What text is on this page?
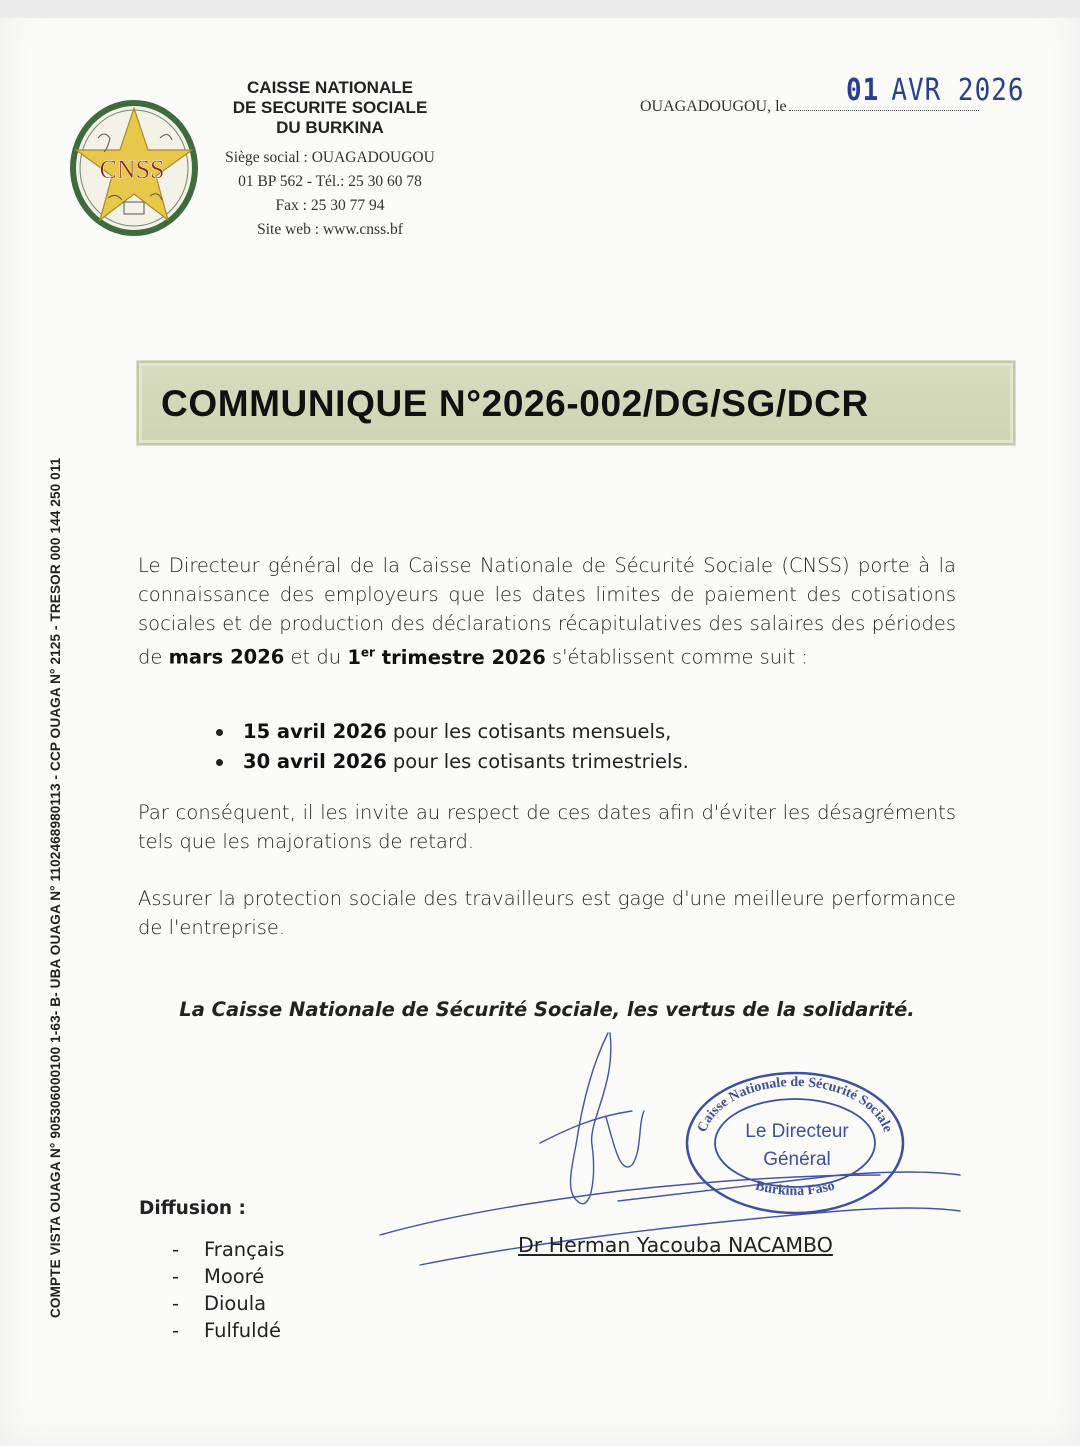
CNSS
CAISSE NATIONALE
DE SECURITE SOCIALE
DU BURKINA
Siège social : OUAGADOUGOU
01 BP 562 - Tél.: 25 30 60 78
Fax : 25 30 77 94
Site web : www.cnss.bf
OUAGADOUGOU, le	01 AVR 2026
COMPTE VISTA OUAGA N° 905306000100 1-63- B- UBA OUAGA N° 1102468980113 - CCP OUAGA N° 2125 - TRESOR 000 144 250 011
COMMUNIQUE N°2026-002/DG/SG/DCR
Le Directeur général de la Caisse Nationale de Sécurité Sociale (CNSS) porte à la connaissance des employeurs que les dates limites de paiement des cotisations sociales et de production des déclarations récapitulatives des salaires des périodes de mars 2026 et du 1er trimestre 2026 s'établissent comme suit :
15 avril 2026 pour les cotisants mensuels,
30 avril 2026 pour les cotisants trimestriels.
Par conséquent, il les invite au respect de ces dates afin d'éviter les désagréments tels que les majorations de retard.
Assurer la protection sociale des travailleurs est gage d'une meilleure performance de l'entreprise.
La Caisse Nationale de Sécurité Sociale, les vertus de la solidarité.
Caisse Nationale de Sécurité Sociale
Burkina Faso
Le Directeur
Général
Dr Herman Yacouba NACAMBO
Diffusion :
-	Français
-	Mooré
-	Dioula
-	Fulfuldé
